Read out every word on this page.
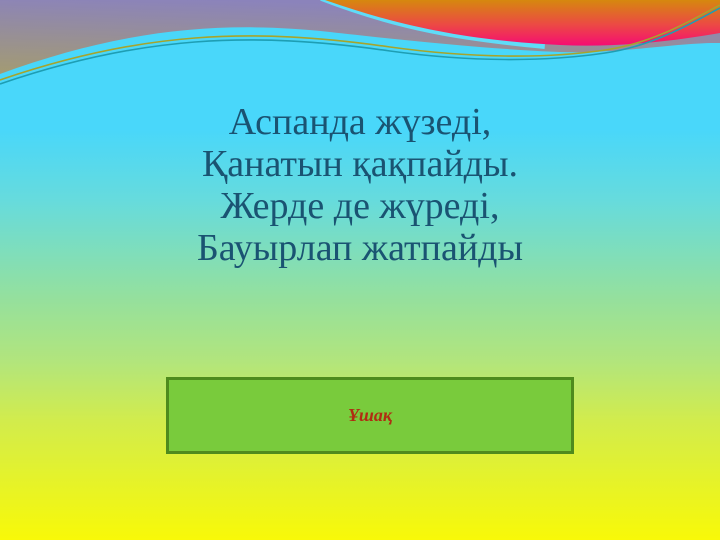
Аспанда жүзеді,
Қанатын қақпайды.
Жерде де жүреді,
Бауырлап жатпайды
Ұшақ
